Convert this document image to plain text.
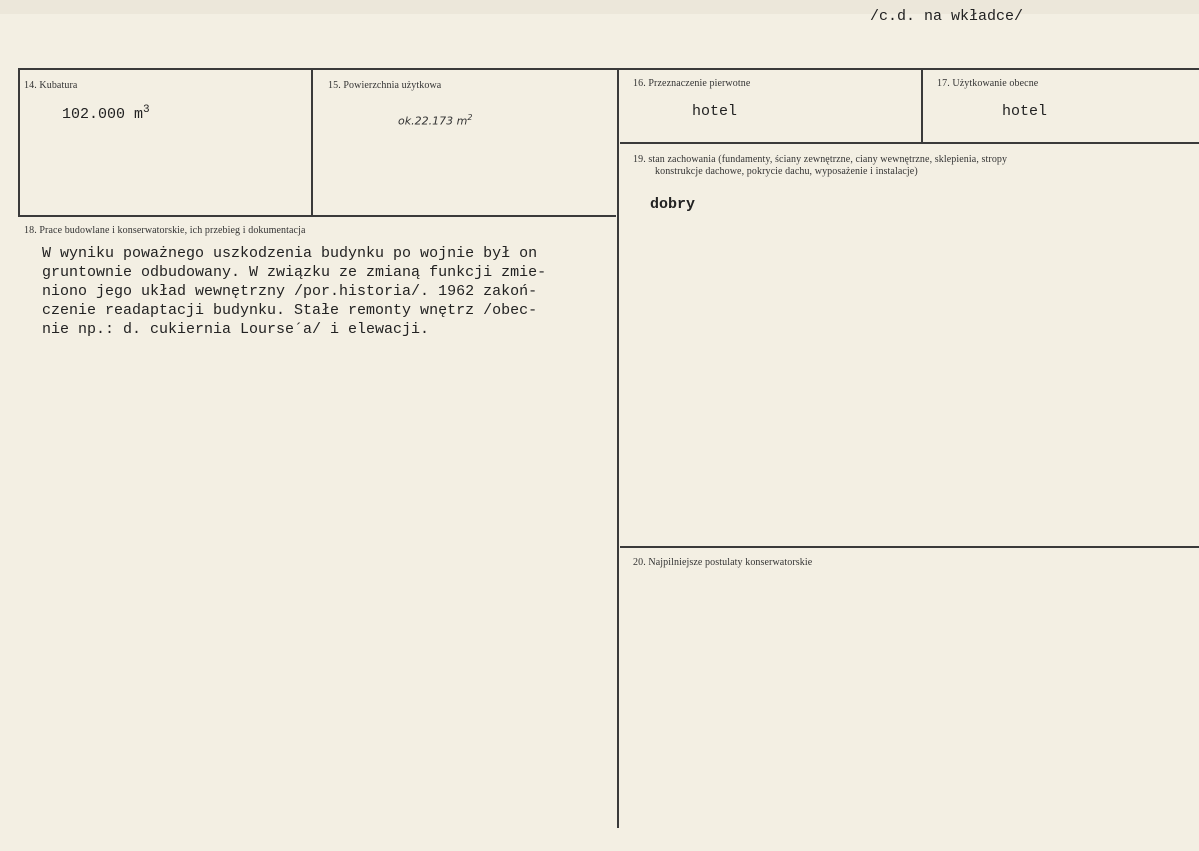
/c.d. na wkładce/
14. Kubatura
102.000 $m^3$
15. Powierzchnia użytkowa
ok.22.173 $m^2$
16. Przeznaczenie pierwotne
hotel
17. Użytkowanie obecne
hotel
18. Prace budowlane i konserwatorskie, ich przebieg i dokumentacja
W wyniku poważnego uszkodzenia budynku po wojnie był on
gruntownie odbudowany. W związku ze zmianą funkcji zmie-
niono jego układ wewnętrzny /por.historia/. 1962 zakoń-
czenie readaptacji budynku. Stałe remonty wnętrz /obec-
nie np.: d. cukiernia Lourse´a/ i elewacji.
19. stan zachowania (fundamenty, ściany zewnętrzne, ciany wewnętrzne, sklepienia, stropy
konstrukcje dachowe, pokrycie dachu, wyposażenie i instalacje)
dobry
20. Najpilniejsze postulaty konserwatorskie
